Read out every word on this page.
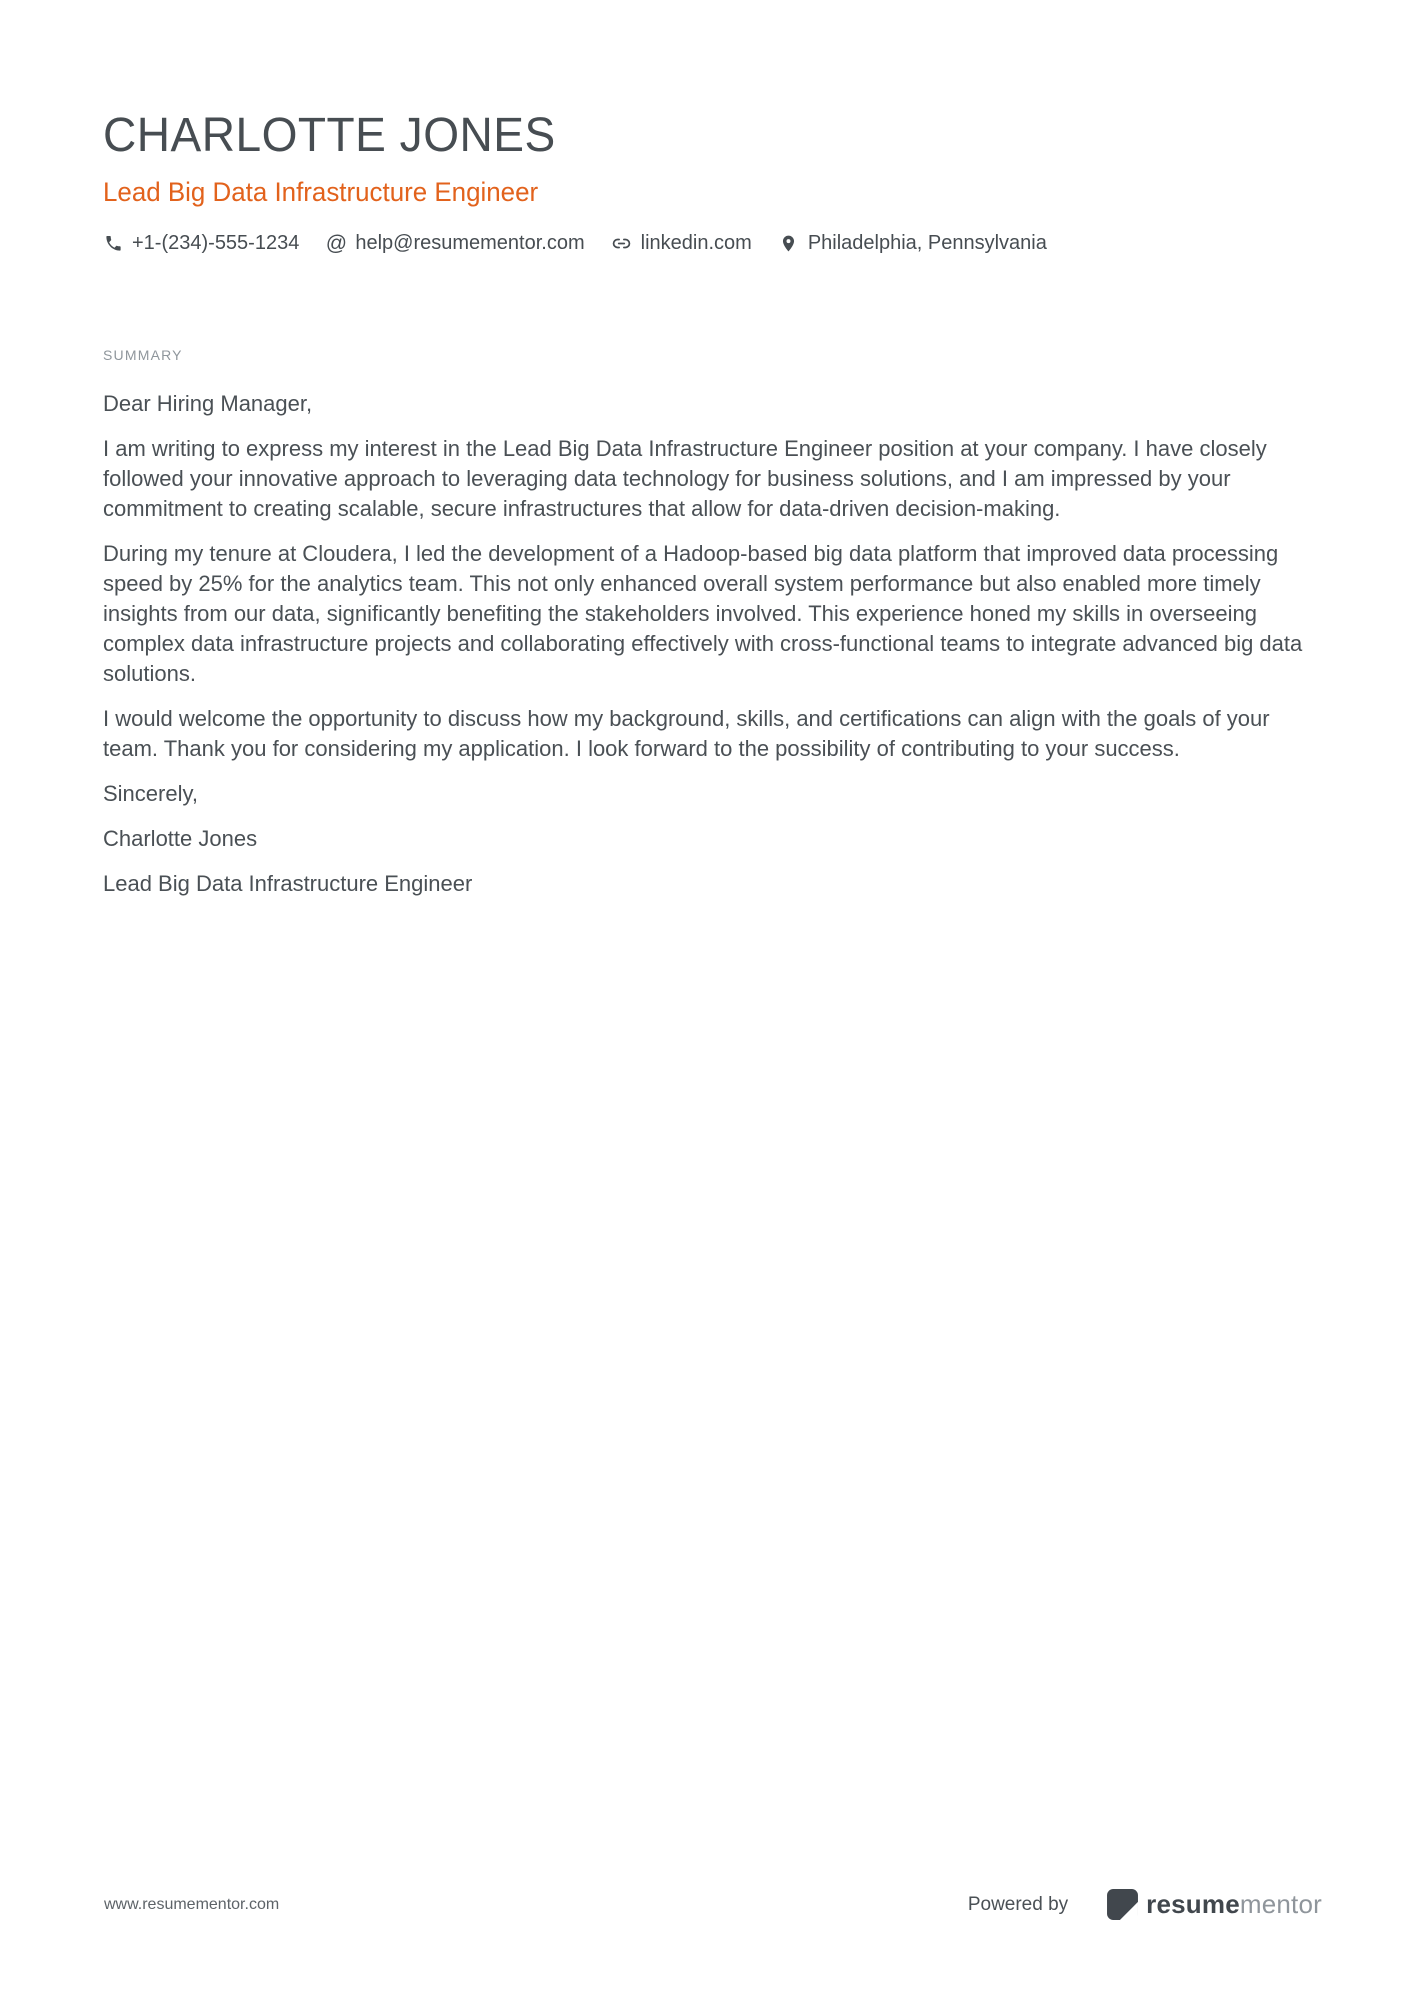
CHARLOTTE JONES
Lead Big Data Infrastructure Engineer
+1-(234)-555-1234 @ help@resumementor.com	linkedin.com	Philadelphia, Pennsylvania
SUMMARY

Dear Hiring Manager,

I am writing to express my interest in the Lead Big Data Infrastructure Engineer position at your company. I have closely followed your innovative approach to leveraging data technology for business solutions, and I am impressed by your commitment to creating scalable, secure infrastructures that allow for data-driven decision-making.

During my tenure at Cloudera, I led the development of a Hadoop-based big data platform that improved data processing speed by 25% for the analytics team. This not only enhanced overall system performance but also enabled more timely insights from our data, significantly benefiting the stakeholders involved. This experience honed my skills in overseeing complex data infrastructure projects and collaborating effectively with cross-functional teams to integrate advanced big data solutions.

I would welcome the opportunity to discuss how my background, skills, and certifications can align with the goals of your team. Thank you for considering my application. I look forward to the possibility of contributing to your success.

Sincerely,

Charlotte Jones

Lead Big Data Infrastructure Engineer

www.resumementor.com	Powered by	resumementor
